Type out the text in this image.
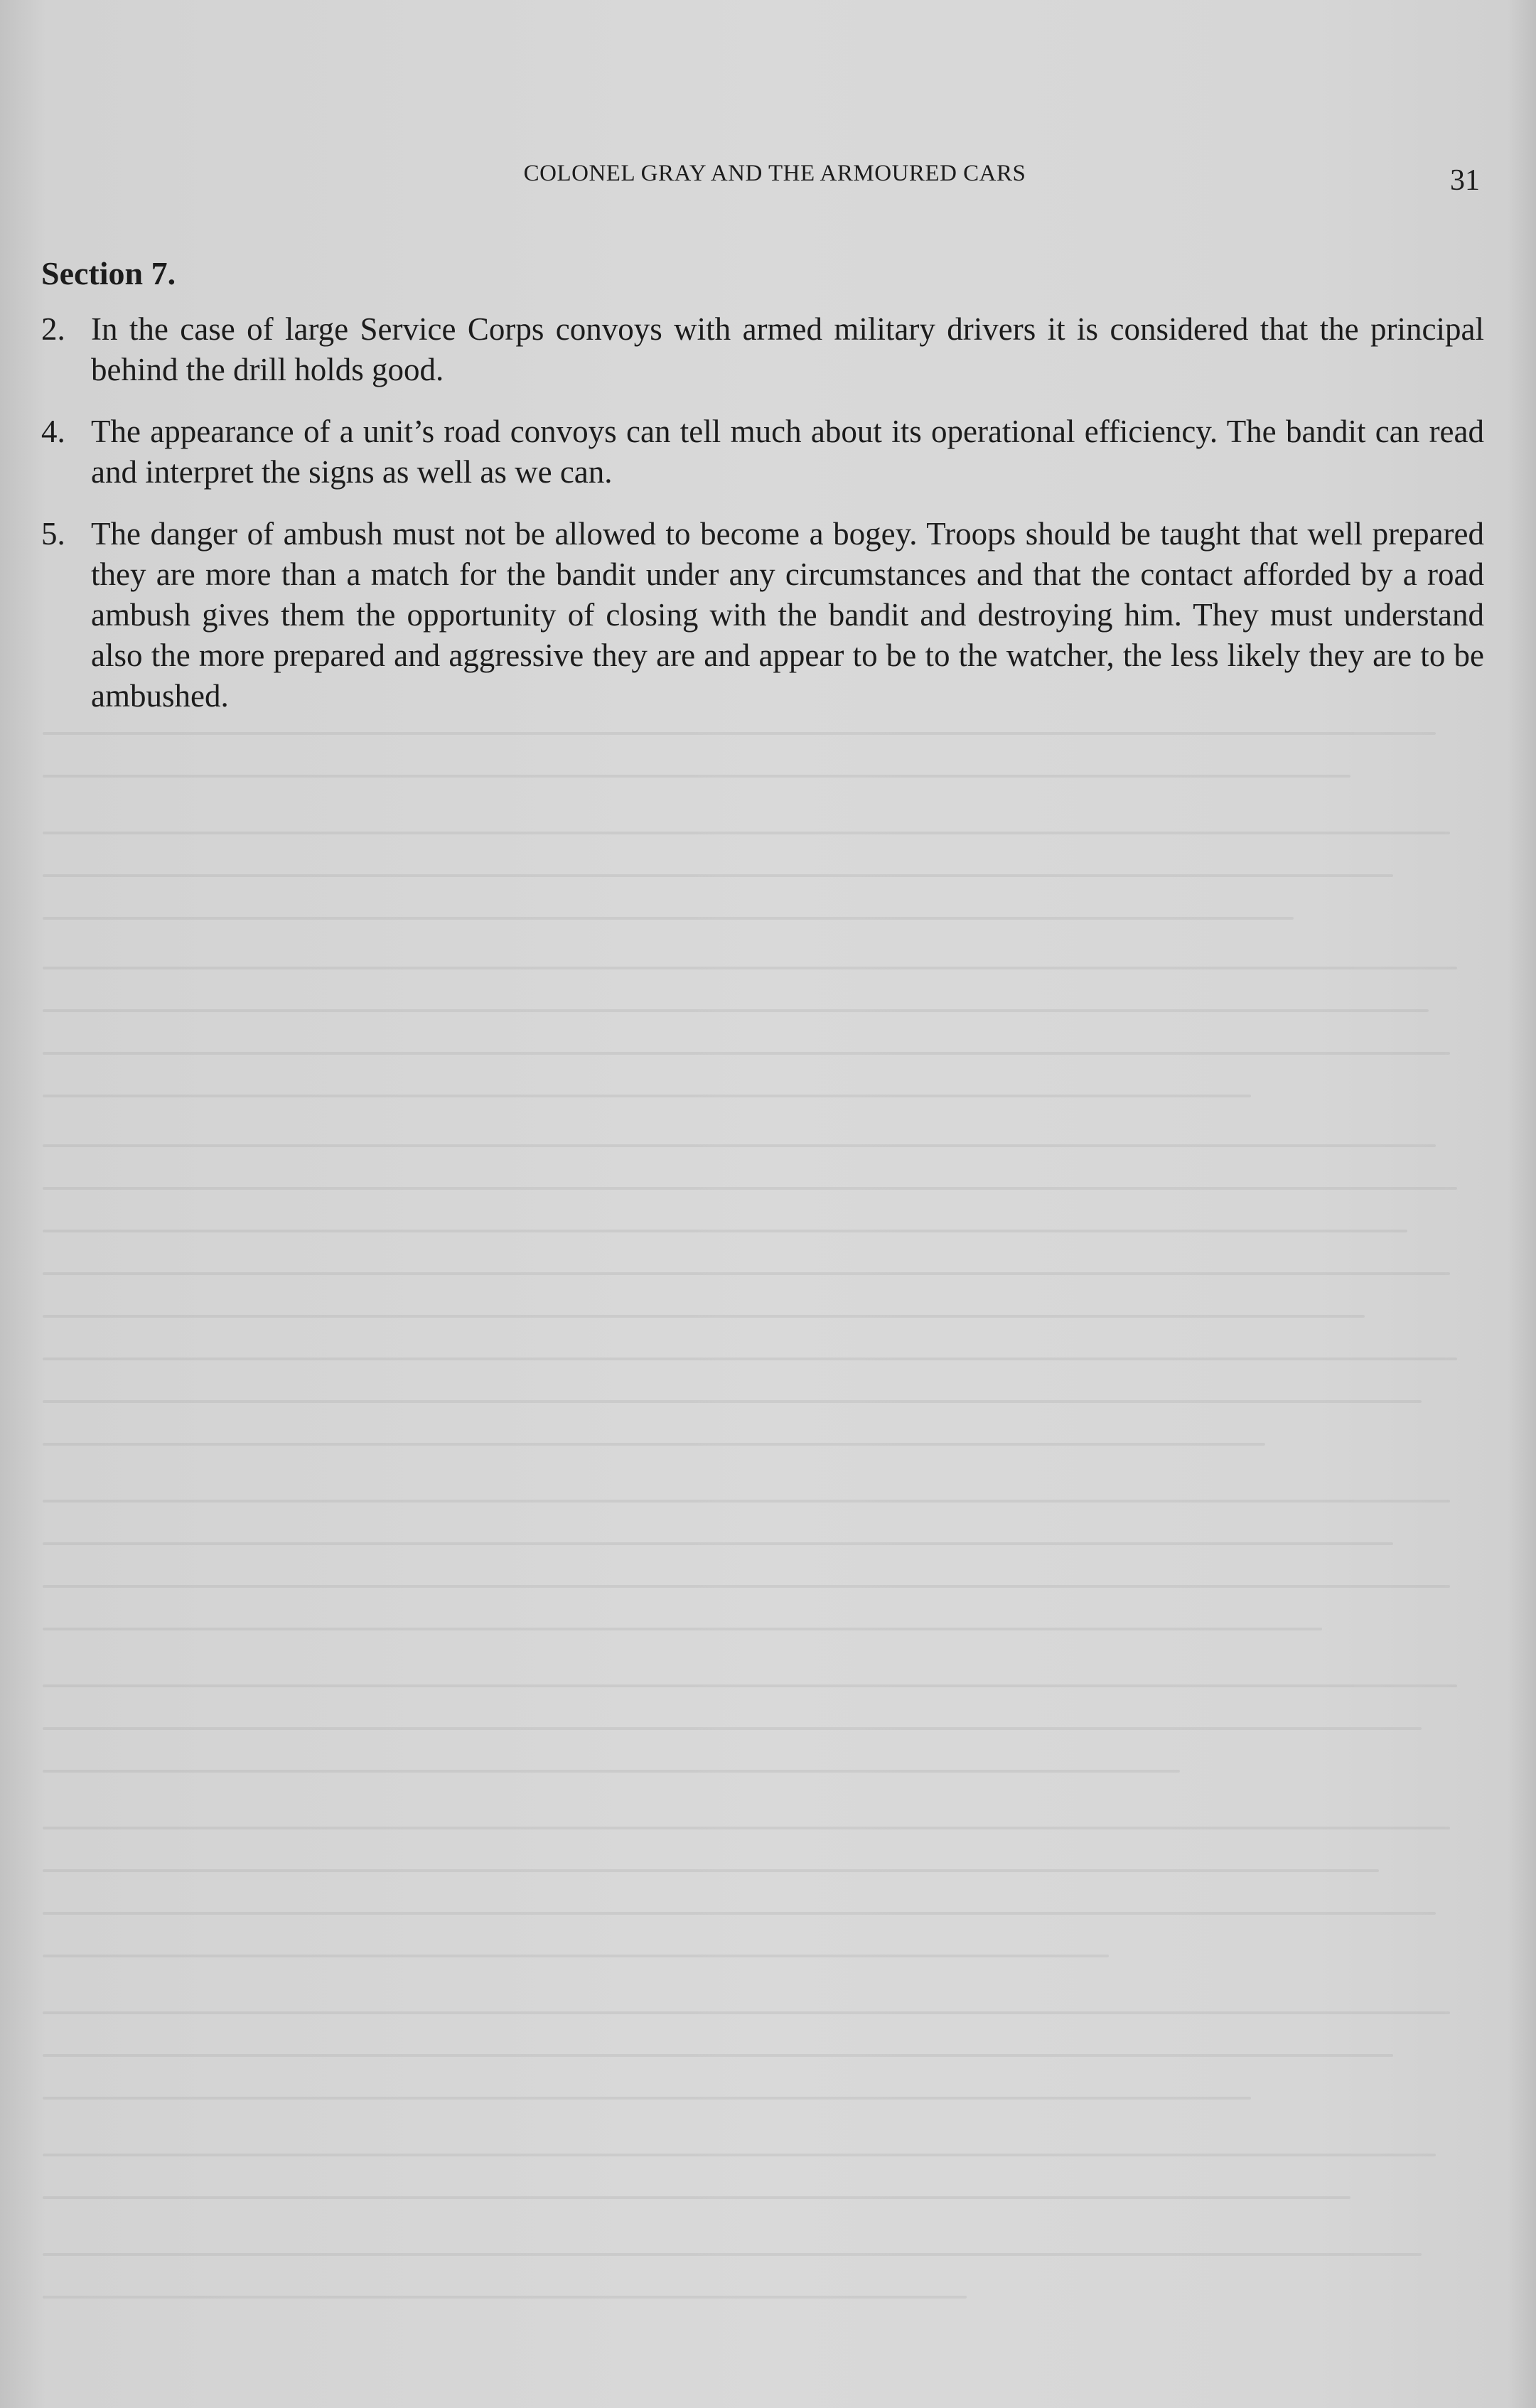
COLONEL GRAY AND THE ARMOURED CARS	31
Section 7.
2. In the case of large Service Corps convoys with armed military drivers it is considered that the principal behind the drill holds good.
4. The appearance of a unit’s road convoys can tell much about its operational efficiency. The bandit can read and interpret the signs as well as we can.
5. The danger of ambush must not be allowed to become a bogey. Troops should be taught that well prepared they are more than a match for the bandit under any circumstances and that the contact afforded by a road ambush gives them the opportunity of closing with the bandit and destroying him. They must understand also the more prepared and aggressive they are and appear to be to the watcher, the less likely they are to be ambushed.
